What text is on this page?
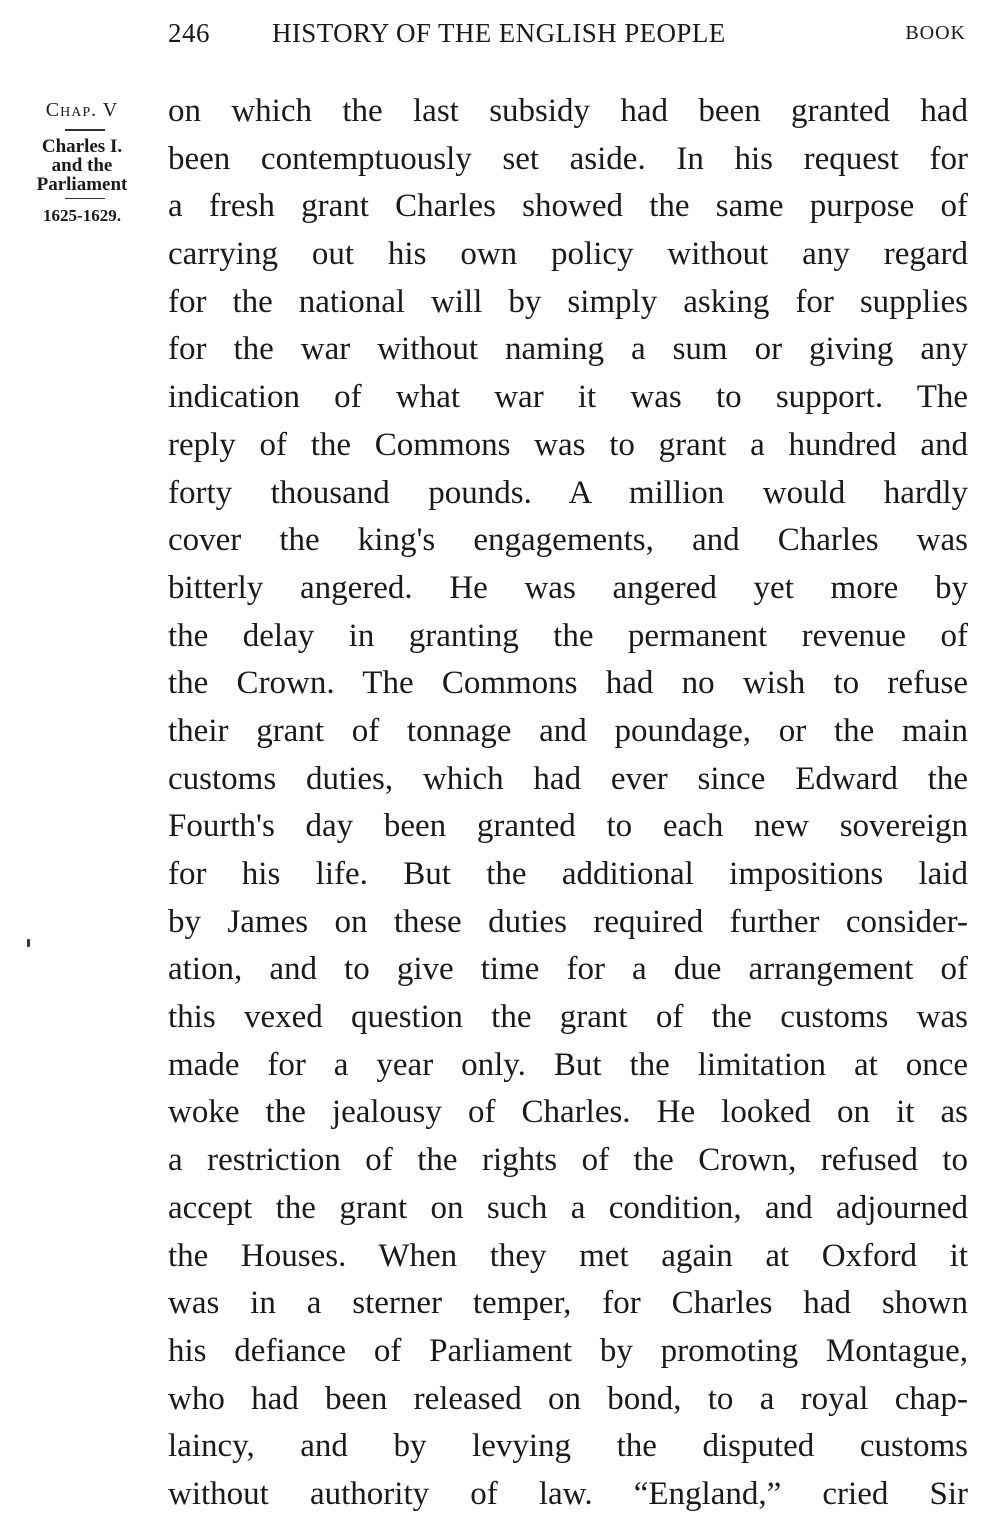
246 HISTORY OF THE ENGLISH PEOPLE	BOOK
Chap. V
Charles I.
and the
Parliament
1625-1629.
on which the last subsidy had been granted had
been contemptuously set aside. In his request for
a fresh grant Charles showed the same purpose of
carrying out his own policy without any regard
for the national will by simply asking for supplies
for the war without naming a sum or giving any
indication of what war it was to support. The
reply of the Commons was to grant a hundred and
forty thousand pounds. A million would hardly
cover the king's engagements, and Charles was
bitterly angered. He was angered yet more by
the delay in granting the permanent revenue of
the Crown. The Commons had no wish to refuse
their grant of tonnage and poundage, or the main
customs duties, which had ever since Edward the
Fourth's day been granted to each new sovereign
for his life. But the additional impositions laid
by James on these duties required further consider-
ation, and to give time for a due arrangement of
this vexed question the grant of the customs was
made for a year only. But the limitation at once
woke the jealousy of Charles. He looked on it as
a restriction of the rights of the Crown, refused to
accept the grant on such a condition, and adjourned
the Houses. When they met again at Oxford it
was in a sterner temper, for Charles had shown
his defiance of Parliament by promoting Montague,
who had been released on bond, to a royal chap-
laincy, and by levying the disputed customs
without authority of law. “England,” cried Sir
